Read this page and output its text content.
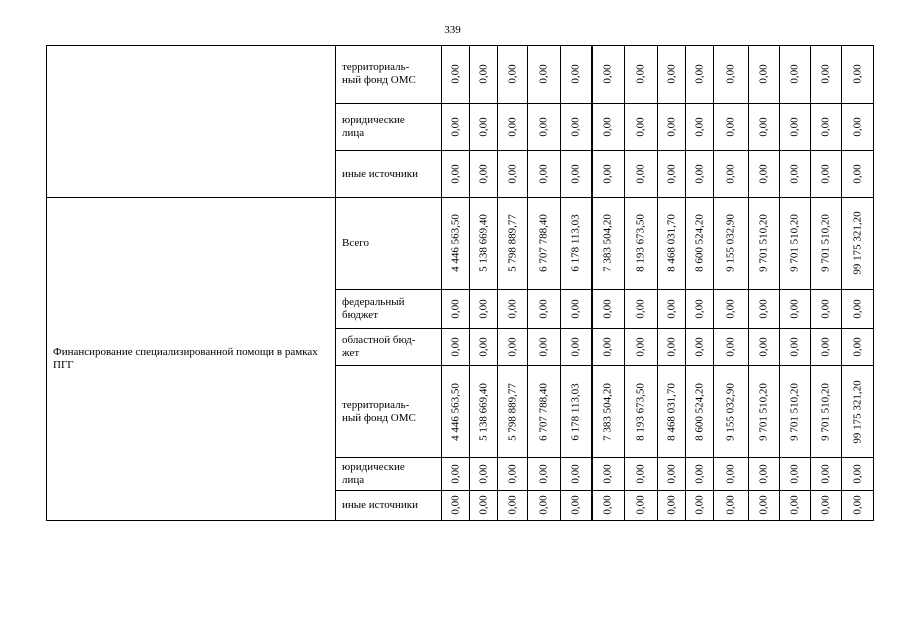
339
	территориаль-
ный фонд ОМС	0,00	0,00	0,00	0,00	0,00	0,00	0,00	0,00	0,00	0,00	0,00	0,00	0,00	0,00

	юридические
лица	0,00	0,00	0,00	0,00	0,00	0,00	0,00	0,00	0,00	0,00	0,00	0,00	0,00	0,00

	иные источники	0,00	0,00	0,00	0,00	0,00	0,00	0,00	0,00	0,00	0,00	0,00	0,00	0,00	0,00

Финансирование специализированной помощи в рамках ПГГ	Всего	4 446 563,50	5 138 669,40	5 798 889,77	6 707 788,40	6 178 113,03	7 383 504,20	8 193 673,50	8 468 031,70	8 600 524,20	9 155 032,90	9 701 510,20	9 701 510,20	9 701 510,20	99 175 321,20

	федеральный
бюджет	0,00	0,00	0,00	0,00	0,00	0,00	0,00	0,00	0,00	0,00	0,00	0,00	0,00	0,00

	областной бюд-
жет	0,00	0,00	0,00	0,00	0,00	0,00	0,00	0,00	0,00	0,00	0,00	0,00	0,00	0,00

	территориаль-
ный фонд ОМС	4 446 563,50	5 138 669,40	5 798 889,77	6 707 788,40	6 178 113,03	7 383 504,20	8 193 673,50	8 468 031,70	8 600 524,20	9 155 032,90	9 701 510,20	9 701 510,20	9 701 510,20	99 175 321,20

	юридические
лица	0,00	0,00	0,00	0,00	0,00	0,00	0,00	0,00	0,00	0,00	0,00	0,00	0,00	0,00

	иные источники	0,00	0,00	0,00	0,00	0,00	0,00	0,00	0,00	0,00	0,00	0,00	0,00	0,00	0,00
